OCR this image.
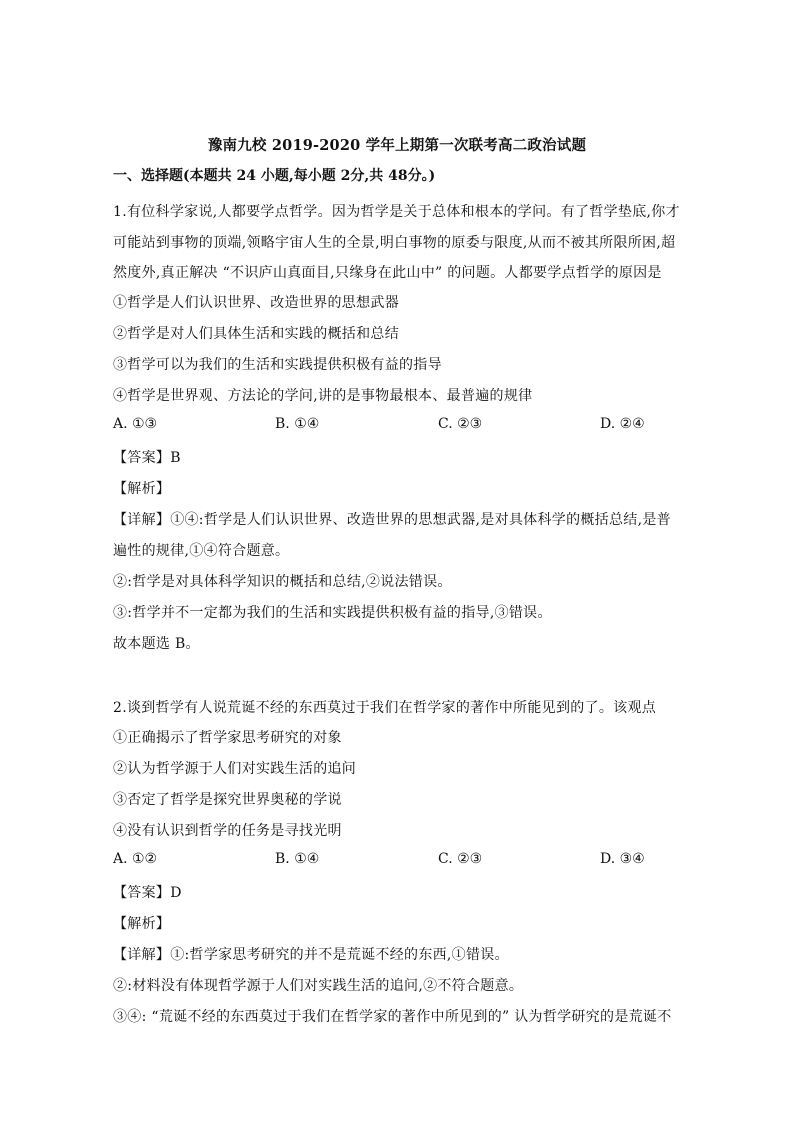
豫南九校 2019-2020 学年上期第一次联考高二政治试题
一、选择题(本题共 24 小题,每小题 2分,共 48分。)
1.有位科学家说,人都要学点哲学。因为哲学是关于总体和根本的学问。有了哲学垫底,你才
可能站到事物的顶端,领略宇宙人生的全景,明白事物的原委与限度,从而不被其所限所困,超
然度外,真正解决 “不识庐山真面目,只缘身在此山中” 的问题。人都要学点哲学的原因是
①哲学是人们认识世界、改造世界的思想武器
②哲学是对人们具体生活和实践的概括和总结
③哲学可以为我们的生活和实践提供积极有益的指导
④哲学是世界观、方法论的学问,讲的是事物最根本、最普遍的规律
A. ①③	B. ①④	C. ②③	D. ②④
【答案】B
【解析】
【详解】①④:哲学是人们认识世界、改造世界的思想武器,是对具体科学的概括总结,是普
遍性的规律,①④符合题意。
②:哲学是对具体科学知识的概括和总结,②说法错误。
③:哲学并不一定都为我们的生活和实践提供积极有益的指导,③错误。
故本题选 B。
2.谈到哲学有人说荒诞不经的东西莫过于我们在哲学家的著作中所能见到的了。该观点
①正确揭示了哲学家思考研究的对象
②认为哲学源于人们对实践生活的追问
③否定了哲学是探究世界奥秘的学说
④没有认识到哲学的任务是寻找光明
A. ①②	B. ①④	C. ②③	D. ③④
【答案】D
【解析】
【详解】①:哲学家思考研究的并不是荒诞不经的东西,①错误。
②:材料没有体现哲学源于人们对实践生活的追问,②不符合题意。
③④: “荒诞不经的东西莫过于我们在哲学家的著作中所见到的” 认为哲学研究的是荒诞不
